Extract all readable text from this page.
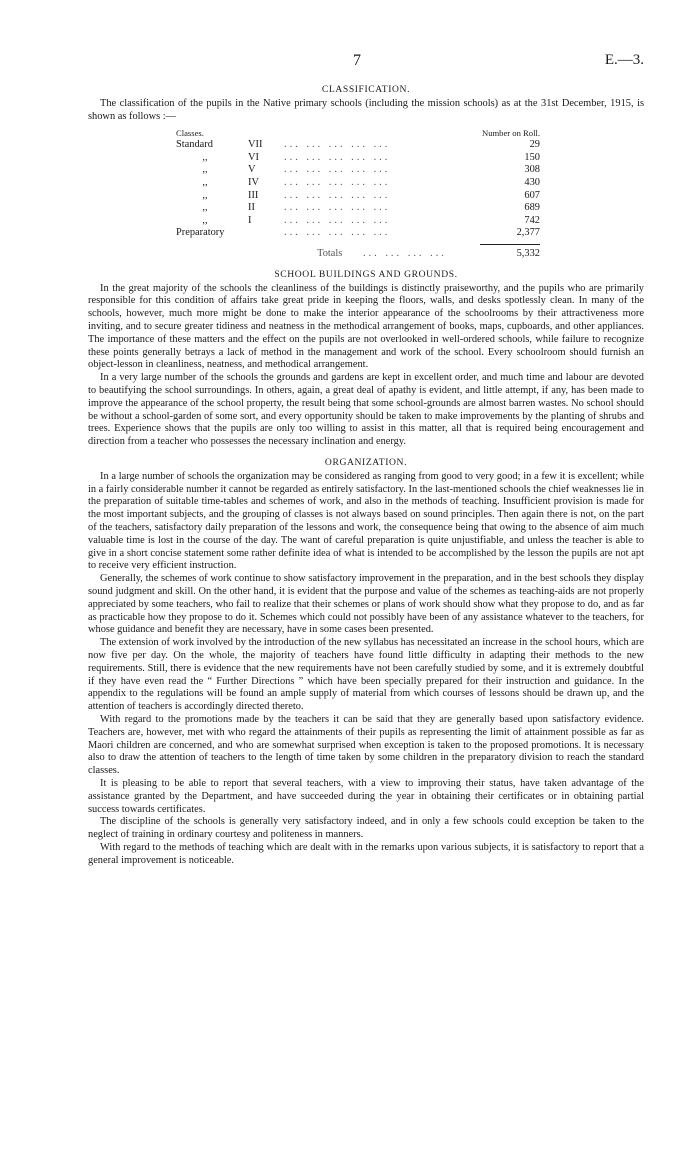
7	E.—3.
CLASSIFICATION.

The classification of the pupils in the Native primary schools (including the mission schools) as at the 31st December, 1915, is shown as follows :—

Classes.			Number on Roll.
Standard	VII	... ... ... ... ...	29
,,	VI	... ... ... ... ...	150
,,	V	... ... ... ... ...	308
,,	IV	... ... ... ... ...	430
,,	III	... ... ... ... ...	607
,,	II	... ... ... ... ...	689
,,	I	... ... ... ... ...	742
Preparatory		... ... ... ... ...	2,377

		Totals ... ... ... ...	5,332
SCHOOL BUILDINGS AND GROUNDS.

In the great majority of the schools the cleanliness of the buildings is distinctly praiseworthy, and the pupils who are primarily responsible for this condition of affairs take great pride in keeping the floors, walls, and desks spotlessly clean. In many of the schools, however, much more might be done to make the interior appearance of the schoolrooms by their attractiveness more inviting, and to secure greater tidiness and neatness in the methodical arrangement of books, maps, cupboards, and other appliances. The importance of these matters and the effect on the pupils are not overlooked in well-ordered schools, while failure to recognize these points generally betrays a lack of method in the management and work of the school. Every schoolroom should furnish an object-lesson in cleanliness, neatness, and methodical arrangement.

In a very large number of the schools the grounds and gardens are kept in excellent order, and much time and labour are devoted to beautifying the school surroundings. In others, again, a great deal of apathy is evident, and little attempt, if any, has been made to improve the appearance of the school property, the result being that some school-grounds are almost barren wastes. No school should be without a school-garden of some sort, and every opportunity should be taken to make improvements by the planting of shrubs and trees. Experience shows that the pupils are only too willing to assist in this matter, all that is required being encouragement and direction from a teacher who possesses the necessary inclination and energy.

ORGANIZATION.

In a large number of schools the organization may be considered as ranging from good to very good; in a few it is excellent; while in a fairly considerable number it cannot be regarded as entirely satisfactory. In the last-mentioned schools the chief weaknesses lie in the preparation of suitable time-tables and schemes of work, and also in the methods of teaching. Insufficient provision is made for the most important subjects, and the grouping of classes is not always based on sound principles. Then again there is not, on the part of the teachers, satisfactory daily preparation of the lessons and work, the consequence being that owing to the absence of aim much valuable time is lost in the course of the day. The want of careful preparation is quite unjustifiable, and unless the teacher is able to give in a short concise statement some rather definite idea of what is intended to be accomplished by the lesson the pupils are not apt to receive very efficient instruction.

Generally, the schemes of work continue to show satisfactory improvement in the preparation, and in the best schools they display sound judgment and skill. On the other hand, it is evident that the purpose and value of the schemes as teaching-aids are not properly appreciated by some teachers, who fail to realize that their schemes or plans of work should show what they propose to do, and as far as practicable how they propose to do it. Schemes which could not possibly have been of any assistance whatever to the teachers, for whose guidance and benefit they are necessary, have in some cases been presented.

The extension of work involved by the introduction of the new syllabus has necessitated an increase in the school hours, which are now five per day. On the whole, the majority of teachers have found little difficulty in adapting their methods to the new requirements. Still, there is evidence that the new requirements have not been carefully studied by some, and it is extremely doubtful if they have even read the “ Further Directions ” which have been specially prepared for their instruction and guidance. In the appendix to the regulations will be found an ample supply of material from which courses of lessons should be drawn up, and the attention of teachers is accordingly directed thereto.

With regard to the promotions made by the teachers it can be said that they are generally based upon satisfactory evidence. Teachers are, however, met with who regard the attainments of their pupils as representing the limit of attainment possible as far as Maori children are concerned, and who are somewhat surprised when exception is taken to the proposed promotions. It is necessary also to draw the attention of teachers to the length of time taken by some children in the preparatory division to reach the standard classes.

It is pleasing to be able to report that several teachers, with a view to improving their status, have taken advantage of the assistance granted by the Department, and have succeeded during the year in obtaining their certificates or in obtaining partial success towards certificates.

The discipline of the schools is generally very satisfactory indeed, and in only a few schools could exception be taken to the neglect of training in ordinary courtesy and politeness in manners.

With regard to the methods of teaching which are dealt with in the remarks upon various subjects, it is satisfactory to report that a general improvement is noticeable.
